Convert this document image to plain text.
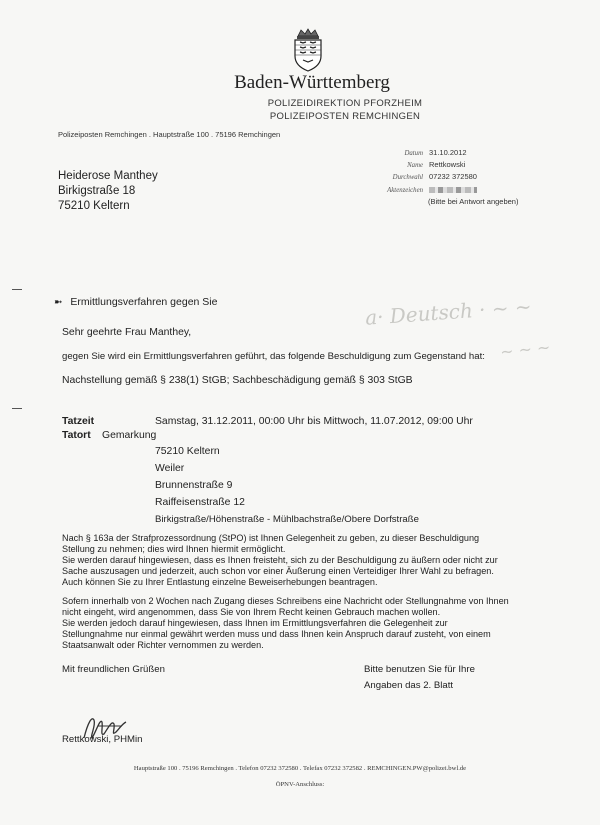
a· Deutsch · ~ ~
~ ~ ~
Baden-Württemberg
POLIZEIDIREKTION PFORZHEIM
POLIZEIPOSTEN REMCHINGEN
Polizeiposten Remchingen . Hauptstraße 100 . 75196 Remchingen
Datum 31.10.2012
Name Rettkowski
Durchwahl 07232 372580
Aktenzeichen
(Bitte bei Antwort angeben)
Heiderose Manthey
Birkigstraße 18
75210 Keltern
➼ Ermittlungsverfahren gegen Sie
Sehr geehrte Frau Manthey,
gegen Sie wird ein Ermittlungsverfahren geführt, das folgende Beschuldigung zum Gegenstand hat:
Nachstellung gemäß § 238(1) StGB; Sachbeschädigung gemäß § 303 StGB
Tatzeit	Samstag, 31.12.2011, 00:00 Uhr bis Mittwoch, 11.07.2012, 09:00 Uhr
Tatort Gemarkung
75210 Keltern
Weiler
Brunnenstraße 9
Raiffeisenstraße 12
Birkigstraße/Höhenstraße - Mühlbachstraße/Obere Dorfstraße
Nach § 163a der Strafprozessordnung (StPO) ist Ihnen Gelegenheit zu geben, zu dieser Beschuldigung
Stellung zu nehmen; dies wird Ihnen hiermit ermöglicht.
Sie werden darauf hingewiesen, dass es Ihnen freisteht, sich zu der Beschuldigung zu äußern oder nicht zur
Sache auszusagen und jederzeit, auch schon vor einer Äußerung einen Verteidiger Ihrer Wahl zu befragen.
Auch können Sie zu Ihrer Entlastung einzelne Beweiserhebungen beantragen.
Sofern innerhalb von 2 Wochen nach Zugang dieses Schreibens eine Nachricht oder Stellungnahme von Ihnen
nicht eingeht, wird angenommen, dass Sie von Ihrem Recht keinen Gebrauch machen wollen.
Sie werden jedoch darauf hingewiesen, dass Ihnen im Ermittlungsverfahren die Gelegenheit zur
Stellungnahme nur einmal gewährt werden muss und dass Ihnen kein Anspruch darauf zusteht, von einem
Staatsanwalt oder Richter vernommen zu werden.
Mit freundlichen Grüßen	Bitte benutzen Sie für Ihre
Angaben das 2. Blatt
Rettkowski, PHMin
Hauptstraße 100 . 75196 Remchingen . Telefon 07232 372580 . Telefax 07232 372582 . REMCHINGEN.PW@polizei.bwl.de
ÖPNV-Anschluss:
